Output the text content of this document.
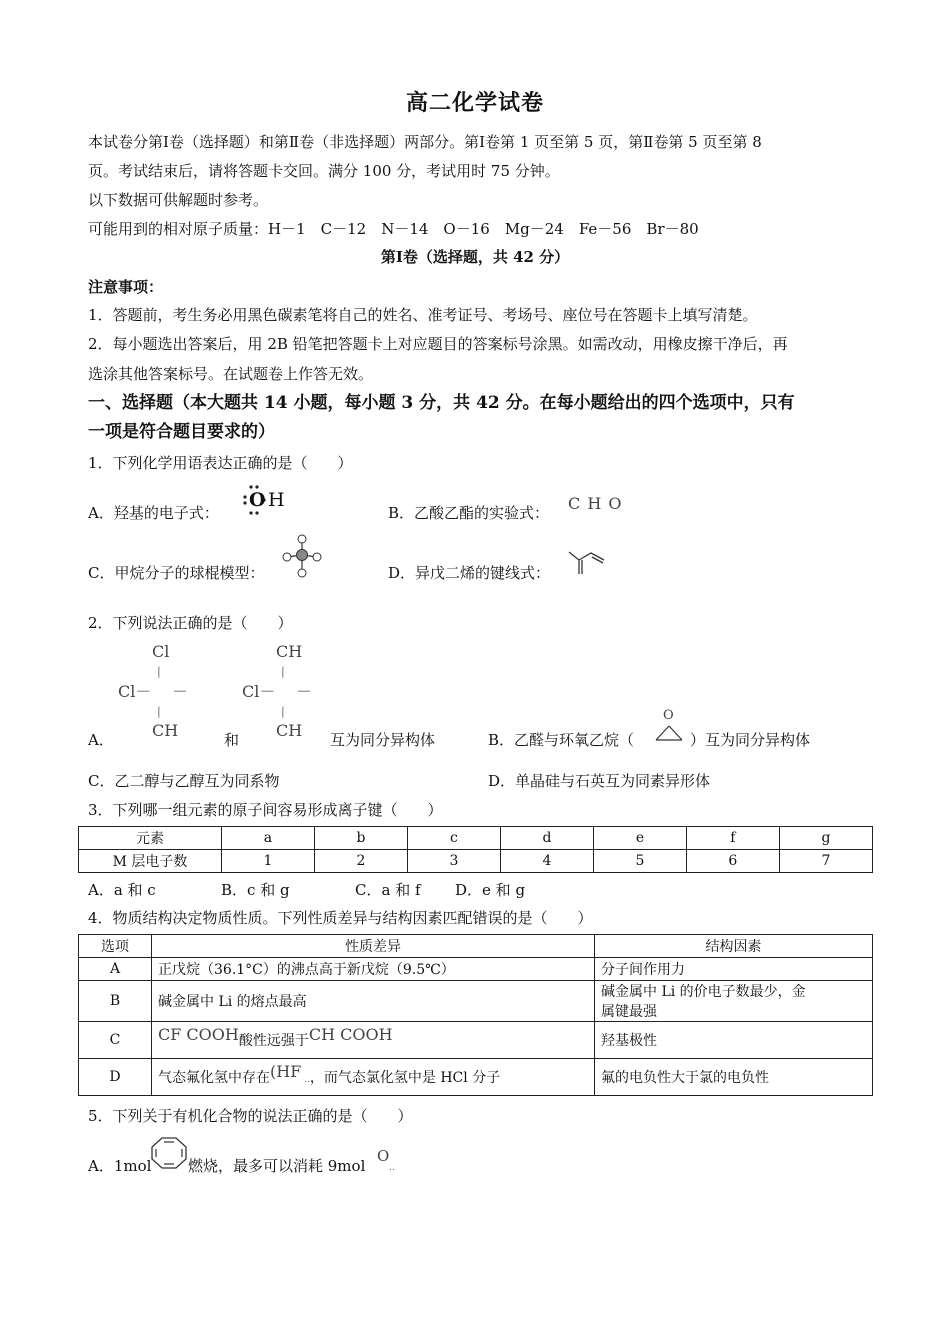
高二化学试卷
本试卷分第Ⅰ卷（选择题）和第Ⅱ卷（非选择题）两部分。第Ⅰ卷第 1 页至第 5 页，第Ⅱ卷第 5 页至第 8
页。考试结束后，请将答题卡交回。满分 100 分，考试用时 75 分钟。
以下数据可供解题时参考。
可能用到的相对原子质量：H－1　C－12　N－14　O－16　Mg－24　Fe－56　Br－80
第Ⅰ卷（选择题，共 42 分）
注意事项：
1．答题前，考生务必用黑色碳素笔将自己的姓名、准考证号、考场号、座位号在答题卡上填写清楚。
2．每小题选出答案后，用 2B 铅笔把答题卡上对应题目的答案标号涂黑。如需改动，用橡皮擦干净后，再
选涂其他答案标号。在试题卷上作答无效。
一、选择题（本大题共 14 小题，每小题 3 分，共 42 分。在每小题给出的四个选项中，只有
一项是符合题目要求的）
1．下列化学用语表达正确的是（　　）
A．羟基的电子式：
O H
B．乙酸乙酯的实验式： C H O
C．甲烷分子的球棍模型：	D．异戊二烯的键线式：
2．下列说法正确的是（　　）
Cl
|
Cl－ －
|
CH
CH
|
Cl－ －
|
CH
A．	和	互为同分异构体	B．乙醛与环氧乙烷（
O
）互为同分异构体
C．乙二醇与乙醇互为同系物	D．单晶硅与石英互为同素异形体
3．下列哪一组元素的原子间容易形成离子键（　　）
元素	a	b	c	d	e	f	g
M 层电子数	1	2	3	4	5	6	7
A．a 和 c	B．c 和 g	C．a 和 f D．e 和 g
4．物质结构决定物质性质。下列性质差异与结构因素匹配错误的是（　　）
选项	性质差异	结构因素
A	正戊烷（36.1°C）的沸点高于新戊烷（9.5℃）	分子间作用力
B	碱金属中 Li 的熔点最高	碱金属中 Li 的价电子数最少，金
属键最强

C	CF COOH酸性远强于CH COOH	羟基极性
D	气态氟化氢中存在(HF ..，而气态氯化氢中是 HCl 分子	氟的电负性大于氯的电负性
5．下列关于有机化合物的说法正确的是（　　）
A．1mol 燃烧，最多可以消耗 9mol
O
..
